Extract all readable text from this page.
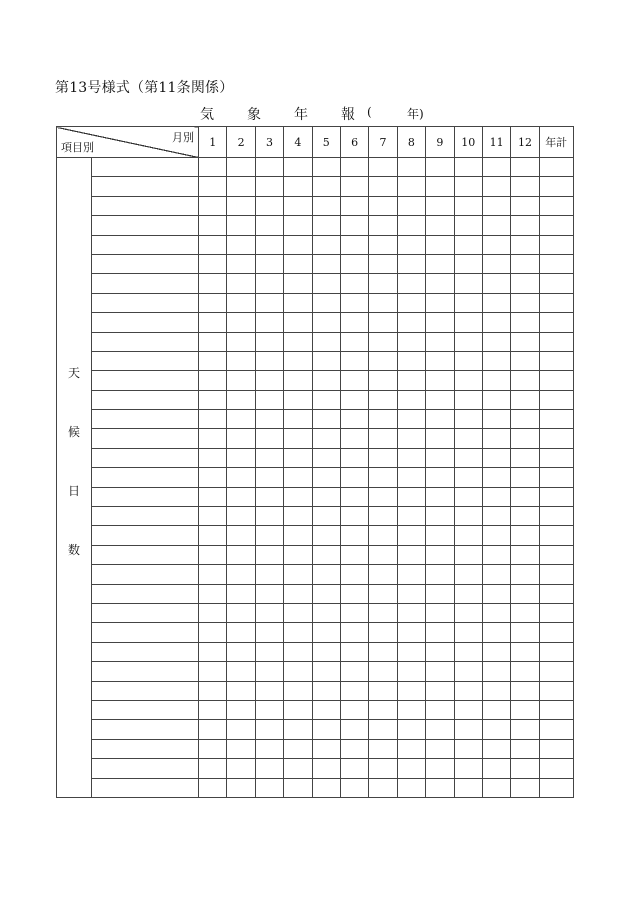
第13号様式（第11条関係）
気 象 年 報 (	年)
月別
項目別		1	2	3	4	5	6	7	8	9	10	11	12	年計

天
候
日
数														
